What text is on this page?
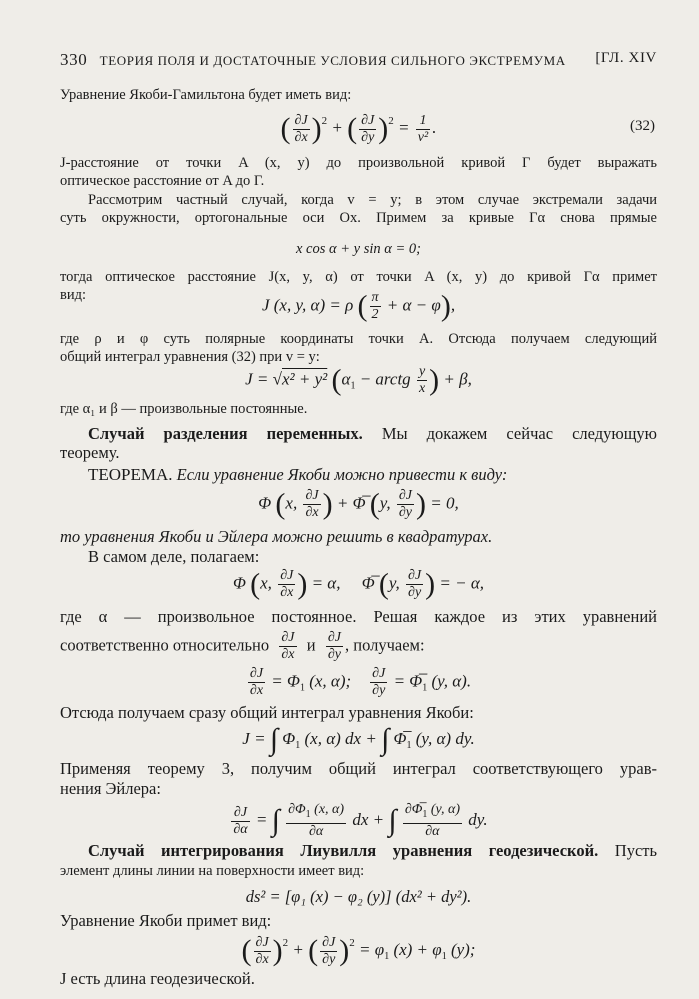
330 ТЕОРИЯ ПОЛЯ И ДОСТАТОЧНЫЕ УСЛОВИЯ СИЛЬНОГО ЭКСТРЕМУМА [ГЛ. XIV
Уравнение Якоби-Гамильтона будет иметь вид:
( $\frac{\partial J}{\partial x} )^2$ + ( $\frac{\partial J}{\partial y} )^2 = \frac{1}{\text{v²}}$ .	(32)
J-расстояние от точки A (x, y) до произвольной кривой Г будет выражать
оптическое расстояние от A до Г.
Рассмотрим частный случай, когда v = y; в этом случае экстремали задачи
суть окружности, ортогональные оси Ox. Примем за кривые Гα снова прямые
x cos α + y sin α = 0;
тогда оптическое расстояние J(x, y, α) от точки A (x, y) до кривой Гα примет
вид:
J (x, y, α) = ρ ( $\frac{\pi}{2} + \alpha - \varphi$),
где ρ и φ суть полярные координаты точки A. Отсюда получаем следующий
общий интеграл уравнения (32) при v = y:
J = √x² + y² ($\alpha_1$ − arctg $\frac{y}{x}$ ) + β,
где α₁ и β — произвольные постоянные.
Случай разделения переменных. Мы докажем сейчас следующую
теорему.
ТЕОРЕМА. Если уравнение Якоби можно привести к виду:
Φ (x, $\frac{\partial J}{\partial x}$ ) + Φ̅ (y, $\frac{\partial J}{\partial y}$ ) = 0,
то уравнения Якоби и Эйлера можно решить в квадратурах.
В самом деле, полагаем:
Φ (x, $\frac{\partial J}{\partial x}$ ) = α,     Φ̅ (y, $\frac{\partial J}{\partial y}$ ) = − α,
где α — произвольное постоянное. Решая каждое из этих уравнений
соответственно относительно $\frac{\partial J}{\partial x}$ и $\frac{\partial J}{\partial y}$ , получаем:
$\frac{\partial J}{\partial x} = \Phi_1$ (x, α); $\frac{\partial J}{\partial y}$ = $\Phi̅_1$ (y, α).
Отсюда получаем сразу общий интеграл уравнения Якоби:
J = ∫ $\Phi_1$ (x, α) dx + ∫ $\Phi̅_1$ (y, α) dy.
Применяя теорему 3, получим общий интеграл соответствующего урав-
нения Эйлера:
$\frac{\partial J}{\partial\alpha}$ = ∫ $\frac{\partial\Phi_1 (x, \alpha)}{\partial\alpha}$ dx + ∫ $\frac{\partial\Phi̅_1 (y, \alpha)}{\partial\alpha}$ dy.
Случай интегрирования Лиувилля уравнения геодезической. Пусть
элемент длины линии на поверхности имеет вид:
ds² = [φ₁ (x) − φ₂ (y)] (dx² + dy²).
Уравнение Якоби примет вид:
( $\frac{\partial J}{\partial x} )^2$ + ( $\frac{\partial J}{\partial y} )^2 = \varphi_1$ $(x) + \varphi_1$ (y);
J есть длина геодезической.
